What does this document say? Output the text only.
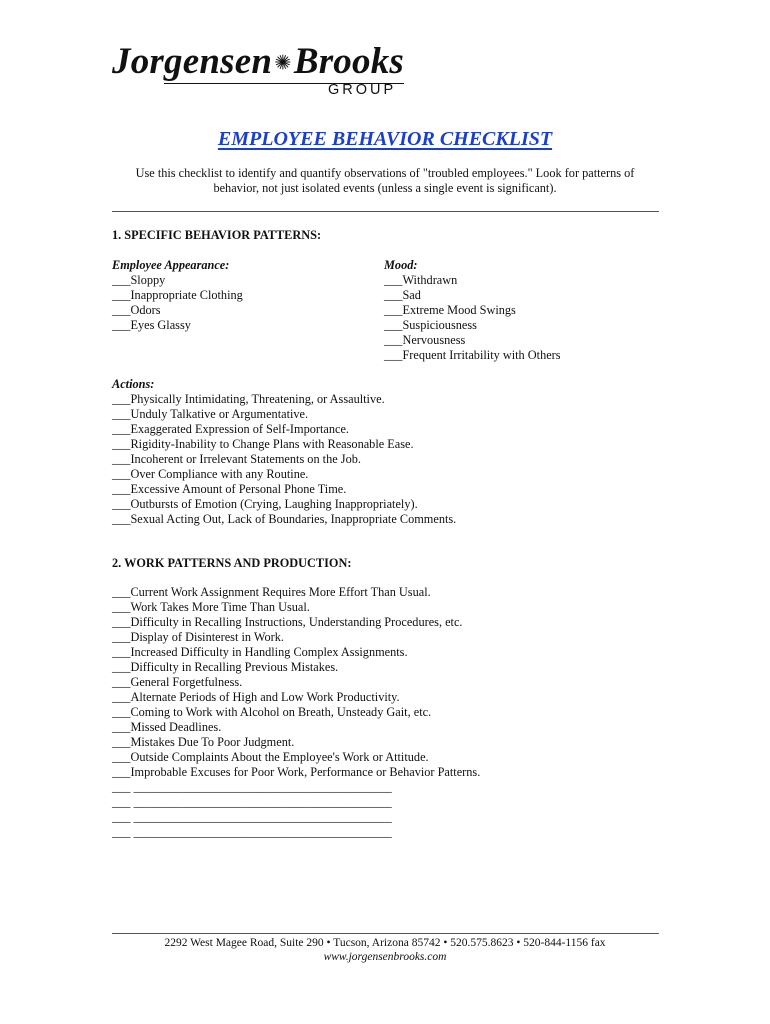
Jorgensen Brooks
GROUP
EMPLOYEE BEHAVIOR CHECKLIST
Use this checklist to identify and quantify observations of "troubled employees." Look for patterns of behavior, not just isolated events (unless a single event is significant).
1. SPECIFIC BEHAVIOR PATTERNS:
Employee Appearance:
___Sloppy
___Inappropriate Clothing
___Odors
___Eyes Glassy
Mood:
___Withdrawn
___Sad
___Extreme Mood Swings
___Suspiciousness
___Nervousness
___Frequent Irritability with Others
Actions:
___Physically Intimidating, Threatening, or Assaultive.
___Unduly Talkative or Argumentative.
___Exaggerated Expression of Self-Importance.
___Rigidity-Inability to Change Plans with Reasonable Ease.
___Incoherent or Irrelevant Statements on the Job.
___Over Compliance with any Routine.
___Excessive Amount of Personal Phone Time.
___Outbursts of Emotion (Crying, Laughing Inappropriately).
___Sexual Acting Out, Lack of Boundaries, Inappropriate Comments.
2. WORK PATTERNS AND PRODUCTION:
___Current Work Assignment Requires More Effort Than Usual.
___Work Takes More Time Than Usual.
___Difficulty in Recalling Instructions, Understanding Procedures, etc.
___Display of Disinterest in Work.
___Increased Difficulty in Handling Complex Assignments.
___Difficulty in Recalling Previous Mistakes.
___General Forgetfulness.
___Alternate Periods of High and Low Work Productivity.
___Coming to Work with Alcohol on Breath, Unsteady Gait, etc.
___Missed Deadlines.
___Mistakes Due To Poor Judgment.
___Outside Complaints About the Employee's Work or Attitude.
___Improbable Excuses for Poor Work, Performance or Behavior Patterns.
___ __________________________________________
___ __________________________________________
___ __________________________________________
___ __________________________________________
2292 West Magee Road, Suite 290 • Tucson, Arizona 85742 • 520.575.8623 • 520-844-1156 fax
www.jorgensenbrooks.com
